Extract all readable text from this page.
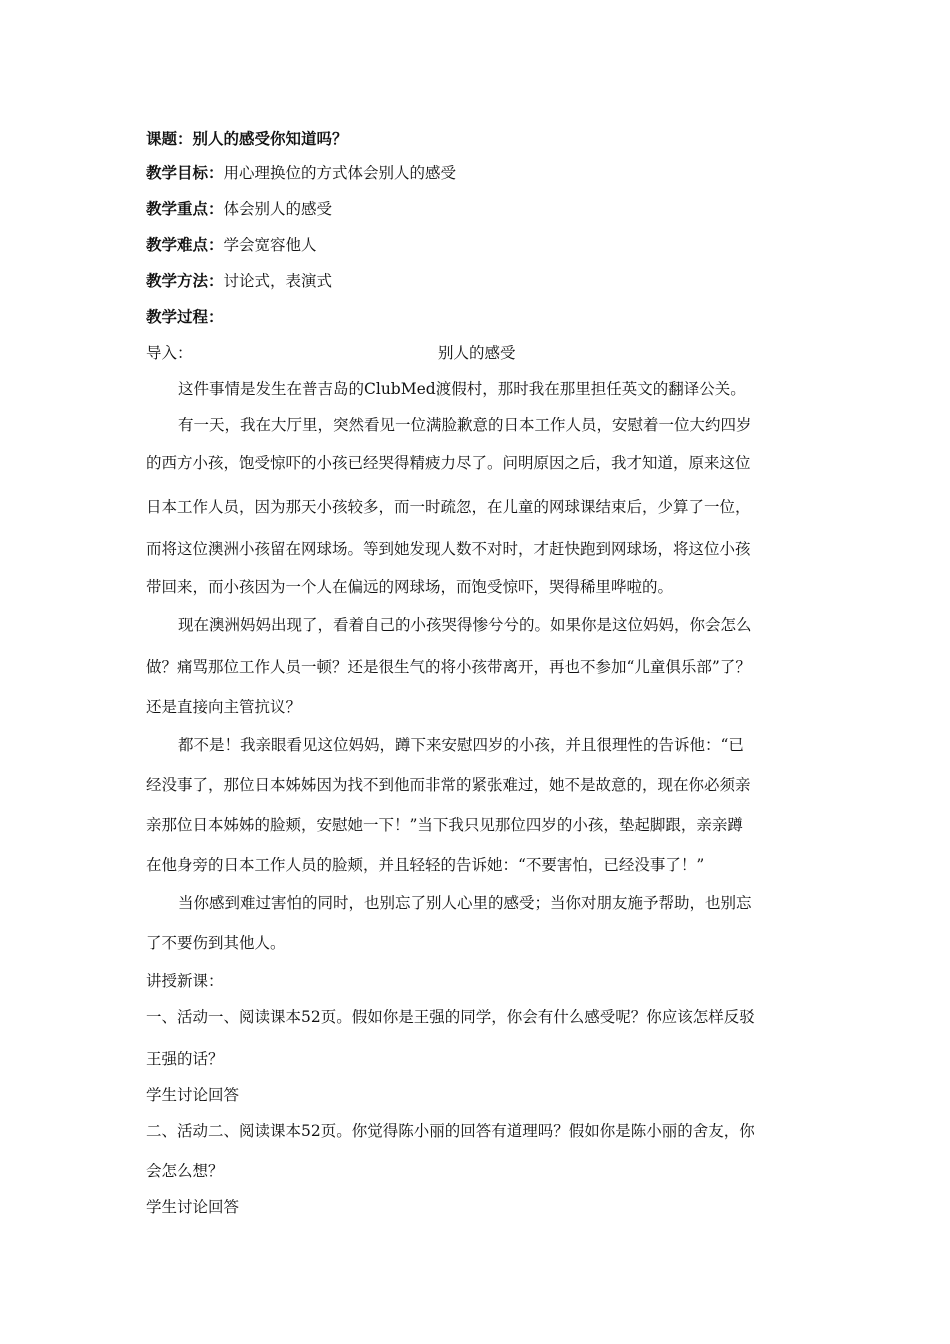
课题：别人的感受你知道吗？
教学目标：用心理换位的方式体会别人的感受
教学重点：体会别人的感受
教学难点：学会宽容他人
教学方法：讨论式，表演式
教学过程：
导入：	别人的感受
这件事情是发生在普吉岛的ClubMed渡假村，那时我在那里担任英文的翻译公关。
有一天，我在大厅里，突然看见一位满脸歉意的日本工作人员，安慰着一位大约四岁
的西方小孩，饱受惊吓的小孩已经哭得精疲力尽了。问明原因之后，我才知道，原来这位
日本工作人员，因为那天小孩较多，而一时疏忽，在儿童的网球课结束后，少算了一位，
而将这位澳洲小孩留在网球场。等到她发现人数不对时，才赶快跑到网球场，将这位小孩
带回来，而小孩因为一个人在偏远的网球场，而饱受惊吓，哭得稀里哗啦的。
现在澳洲妈妈出现了，看着自己的小孩哭得惨兮兮的。如果你是这位妈妈，你会怎么
做？痛骂那位工作人员一顿？还是很生气的将小孩带离开，再也不参加“儿童俱乐部”了？
还是直接向主管抗议？
都不是！我亲眼看见这位妈妈，蹲下来安慰四岁的小孩，并且很理性的告诉他：“已
经没事了，那位日本姊姊因为找不到他而非常的紧张难过，她不是故意的，现在你必须亲
亲那位日本姊姊的脸颊，安慰她一下！”当下我只见那位四岁的小孩，垫起脚跟，亲亲蹲
在他身旁的日本工作人员的脸颊，并且轻轻的告诉她：“不要害怕，已经没事了！”
当你感到难过害怕的同时，也别忘了别人心里的感受；当你对朋友施予帮助，也别忘
了不要伤到其他人。
讲授新课：
一、活动一、阅读课本52页。假如你是王强的同学，你会有什么感受呢？你应该怎样反驳
王强的话？
学生讨论回答
二、活动二、阅读课本52页。你觉得陈小丽的回答有道理吗？假如你是陈小丽的舍友，你
会怎么想？
学生讨论回答
